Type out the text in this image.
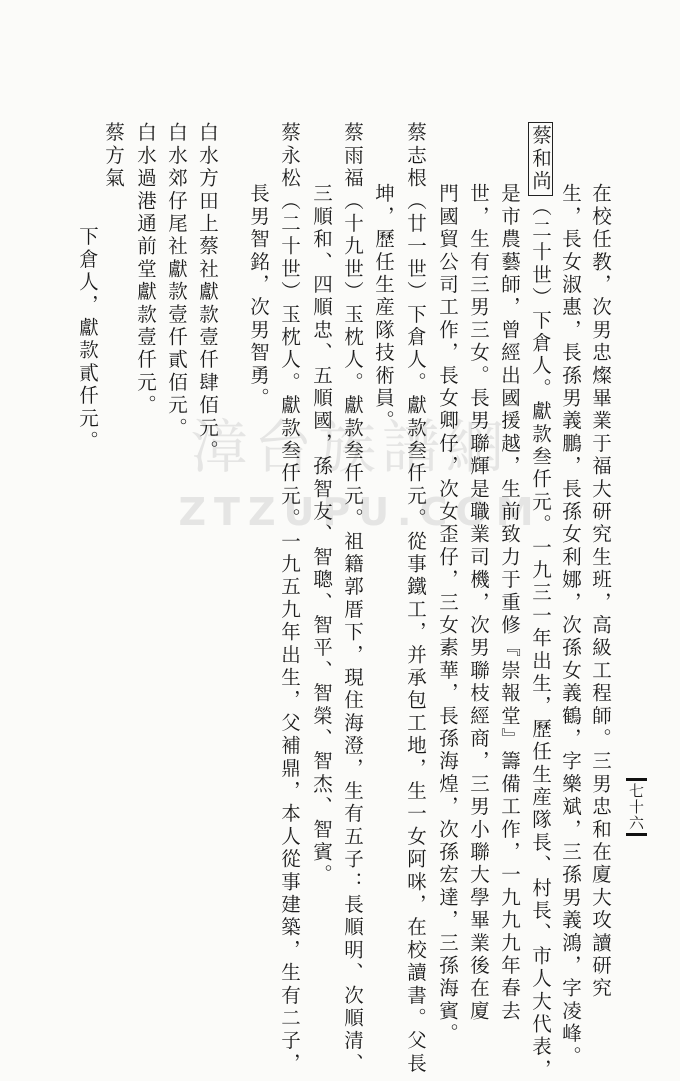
漳台族譜網
ZTZUPU.COM	在校任教，次男忠燦畢業于福大研究生班，高級工程師。三男忠和在廈大攻讀研究
生，長女淑惠，長孫男義鵬，長孫女利娜，次孫女義鶴，字樂斌，三孫男義鴻，字凌峰。
蔡和尚（二十世）下倉人。獻款叁仟元。一九三一年出生，歷任生産隊長、村長、市人大代表，
是市農藝師，曾經出國援越，生前致力于重修『崇報堂』籌備工作，一九九九年春去
世，生有三男三女。長男聯輝是職業司機，次男聯枝經商，三男小聯大學畢業後在廈
門國貿公司工作，長女卿仔，次女歪仔，三女素華，長孫海煌，次孫宏達，三孫海賓。
蔡志根（廿一世）下倉人。獻款叁仟元。從事鐵工，并承包工地，生一女阿咪，在校讀書。父長
坤，歷任生産隊技術員。
蔡雨福（十九世）玉枕人。獻款叁仟元。祖籍郭厝下，現住海澄，生有五子：長順明、次順清、
三順和、四順忠、五順國，孫智友、智聰、智平、智榮、智杰、智賓。
蔡永松（二十世）玉枕人。獻款叁仟元。一九五九年出生，父補鼎，本人從事建築，生有二子，
長男智銘，次男智勇。
白水方田上蔡社獻款壹仟肆佰元。
白水郊仔尾社獻款壹仟貳佰元。
白水過港通前堂獻款壹仟元。
蔡方氣
下倉人，獻款貳仟元。
七十六
